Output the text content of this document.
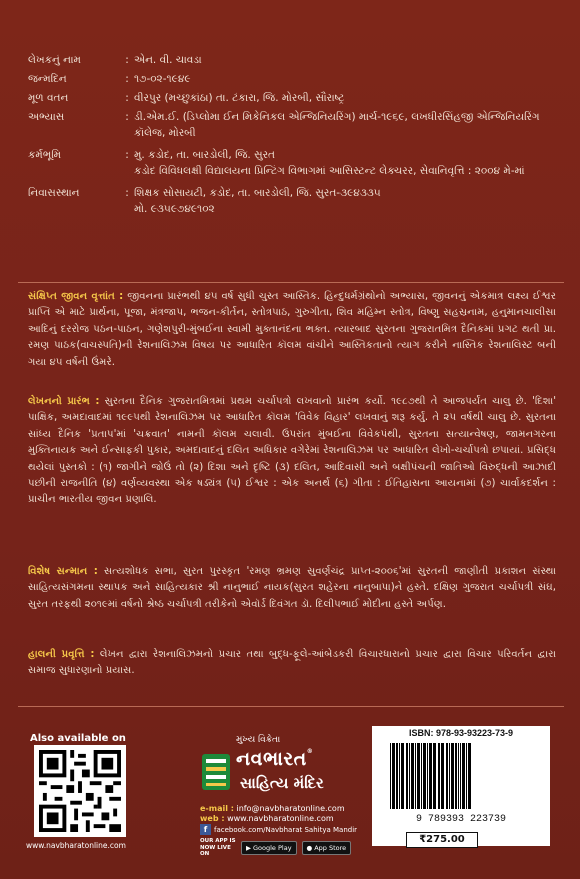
લેખકનું નામ	: એન. વી. ચાવડા
જન્મદિન	: ૧૭-૦૨-૧૯૪૯
મૂળ વતન	: વીરપુર (મચ્છુકાંઠા) તા. ટંકારા, જિ. મોરબી, સૌરાષ્ટ્ર
અભ્યાસ	: ડી.એમ.ઈ. (ડિપ્લોમા ઈન મિકેનિકલ એન્જિનિયરિંગ) માર્ચ-૧૯૬૯, લખધીરસિંહજી એન્જિનિયરિંગ કૉલેજ, મોરબી
કર્મભૂમિ	: મુ. કડોદ, તા. બારડોલી, જિ. સુરત
કડોદ વિવિધલક્ષી વિદ્યાલયના પ્રિન્ટિંગ વિભાગમાં આસિસ્ટન્ટ લેક્ચરર, સેવાનિવૃત્તિ : ૨૦૦૪ મે-માં
નિવાસસ્થાન	: શિક્ષક સોસાયટી, કડોદ, તા. બારડોલી, જિ. સુરત-૩૯૪૩૩૫
મો. ૯૩૫૯૭૪૯૧૦૨
સંક્ષિપ્ત જીવન વૃત્તાંત : જીવનના પ્રારંભથી ૪૫ વર્ષ સુધી ચુસ્ત આસ્તિક. હિન્દુધર્મગ્રંથોનો અભ્યાસ, જીવનનું એકમાત્ર લક્ષ્ય ઈશ્વર પ્રાપ્તિ એ માટે પ્રાર્થના, પૂજા, મંત્રજાપ, ભજન-કીર્તન, સ્તોત્રપાઠ, ગુરુગીતા, શિવ મહિમ્ન સ્તોત્ર, વિષ્ણુ સહસ્રનામ, હનુમાનચાલીસા આદિનું દરરોજ પઠન-પાઠન, ગણેશપુરી-મુંબઈના સ્વામી મુક્તાનંદના ભક્ત. ત્યારબાદ સુરતના ગુજરાતમિત્ર દૈનિકમાં પ્રગટ થતી પ્રા. રમણ પાઠક(વાચસ્પતિ)ની રેશનાલિઝમ વિષય પર આધારિત કૉલમ વાંચીને આસ્તિકતાનો ત્યાગ કરીને નાસ્તિક રેશનાલિસ્ટ બની ગયા ૪૫ વર્ષની ઉંમરે.
લેખનનો પ્રારંભ : સુરતના દૈનિક ગુજરાતમિત્રમાં પ્રથમ ચર્ચાપત્રો લખવાનો પ્રારંભ કર્યો. ૧૯૮૭થી તે આજપર્યંત ચાલુ છે. 'દિશા' પાક્ષિક, અમદાવાદમાં ૧૯૯૫થી રેશનાલિઝમ પર આધારિત કૉલમ 'વિવેક વિહાર' લખવાનું શરૂ કર્યું. તે ૨૫ વર્ષથી ચાલુ છે. સુરતના સાંધ્ય દૈનિક 'પ્રતાપ'માં 'ચક્રવાત' નામની કૉલમ ચલાવી. ઉપરાંત મુંબઈના વિવેકપંથી, સુરતના સત્યાન્વેષણ, જામનગરના મુક્તિનાયક અને ઈન્સાફકી પુકાર, અમદાવાદનું દલિત અધિકાર વગેરેમાં રેશનાલિઝમ પર આધારિત લેખો-ચર્ચાપત્રો છપાયાં. પ્રસિદ્ધ થયેલાં પુસ્તકો : (૧) જાગીને જોઉં તો (૨) દિશા અને દૃષ્ટિ (૩) દલિત, આદિવાસી અને બક્ષીપંચની જાતિઓ વિરુદ્ધની આઝાદી પછીની રાજનીતિ (૪) વર્ણવ્યવસ્થા એક ષડ્યંત્ર (૫) ઈશ્વર : એક અનર્થ (૬) ગીતા : ઈતિહાસના આયનામાં (૭) ચાર્વાકદર્શન : પ્રાચીન ભારતીય જીવન પ્રણાલિ.
વિશેષ સન્માન : સત્યશોધક સભા, સુરત પુરસ્કૃત 'રમણ ભ્રમણ સુવર્ણચંદ્ર પ્રાપ્ત-૨૦૦૬'માં સુરતની જાણીતી પ્રકાશન સંસ્થા સાહિત્યસંગમના સ્થાપક અને સાહિત્યકાર શ્રી નાનુભાઈ નાયક(સુરત શહેરના નાનુબાપા)ને હસ્તે. દક્ષિણ ગુજરાત ચર્ચાપત્રી સંઘ, સુરત તરફથી ૨૦૧૯માં વર્ષનો શ્રેષ્ઠ ચર્ચાપત્રી તરીકેનો એવૉર્ડ દિવંગત ડૉ. દિલીપભાઈ મોદીના હસ્તે અર્પણ.
હાલની પ્રવૃત્તિ : લેખન દ્વારા રેશનાલિઝમનો પ્રચાર તથા બુદ્ધ-ફૂલે-આંબેડકરી વિચારધારાનો પ્રચાર દ્વારા વિચાર પરિવર્તન દ્વારા સમાજ સુધારણાનો પ્રયાસ.
Also available on
www.navbharatonline.com
મુખ્ય વિક્રેતા
નવભારત®
સાહિત્ય મંદિર
e-mail : info@navbharatonline.com
web : www.navbharatonline.com
f facebook.com/Navbharat Sahitya Mandir
OUR APP IS NOW LIVE ON
▶ Google Play ● App Store
ISBN: 978-93-93223-73-9
9 789393 223739
₹275.00
